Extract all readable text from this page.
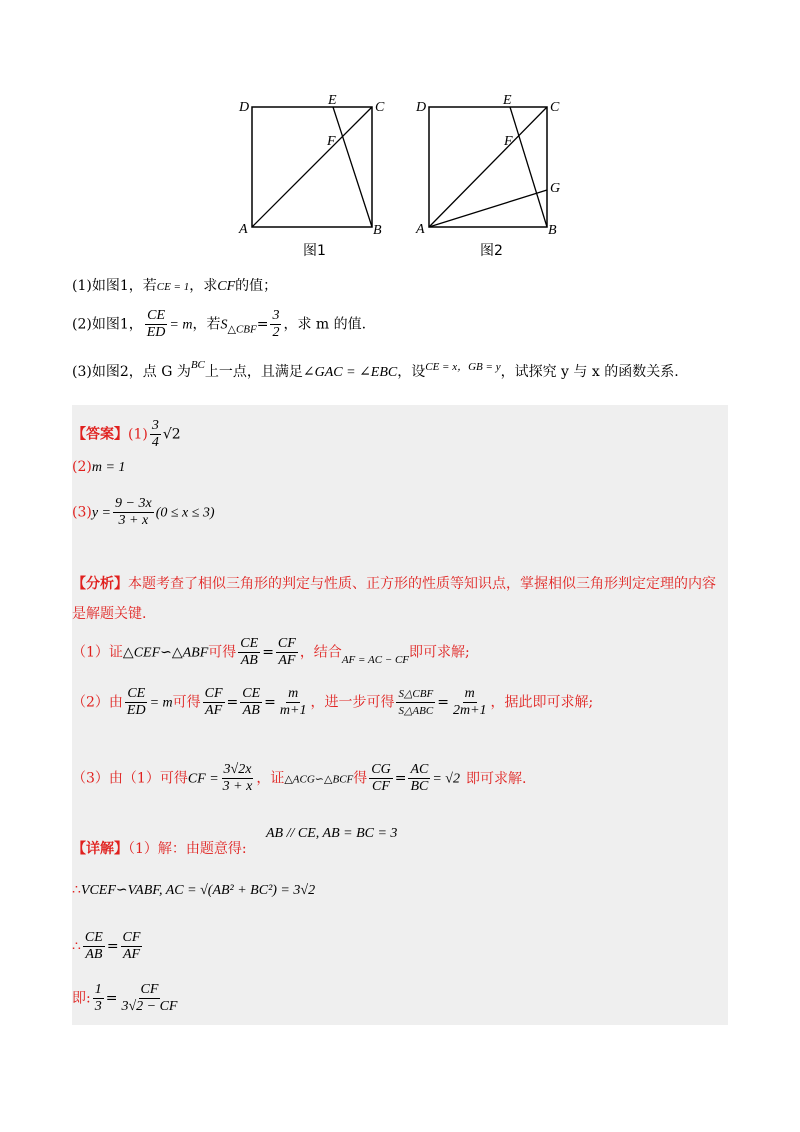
D	E	C
F
A	B
图1
D	E	C
F
G
A	B
图2
(1)如图1，若CE = 1，求CF的值；
(2)如图1， $\frac{CE}{ED} = m$，若$S_{\triangle CBF}= \frac{3}{2}$ ，求 m 的值.
(3)如图2，点 G 为$^{BC}$上一点，且满足∠GAC = ∠EBC，设$^{CE = x,GB = y}$，试探究 y 与 x 的函数关系.
【答案】$(1) \frac{3}{4} √2$
(2)m = 1
$(3)y = \frac{9 - 3x}{3 + x} (0 \le x \le 3)$
【分析】本题考查了相似三角形的判定与性质、正方形的性质等知识点，掌握相似三角形判定定理的内容
是解题关键.
（1）证△CEF∽△ABF可得 $\frac{CE}{AB} = \frac{CF}{AF}$ ，结合$_{AF = AC - CF}$即可求解;
（2）由 $\frac{CE}{ED} = m$可得 $\frac{CF}{AF} = \frac{CE}{AB} = \frac{m}{m+1}$ ，进一步可得 $\frac{\text{S△CBF}}{\text{S△ABC}} = \frac{m}{2m+1}$ ，据此即可求解;
（3）由（1）可得CF = $\frac{3√2x}{3 + x}$ ，证△ACG∽△BCF得 $\frac{CG}{CF} = \frac{AC}{BC} = √2$ 即可求解.
【详解】（1）解：由题意得:
AB // CE, AB = BC = 3
∴VCEF∽VABF, AC = √(AB² + BC²) = 3√2
∴ $\frac{CE}{AB} = \frac{CF}{AF}$
即: $\frac{1}{3} = \frac{CF}{3√2 - CF}$
